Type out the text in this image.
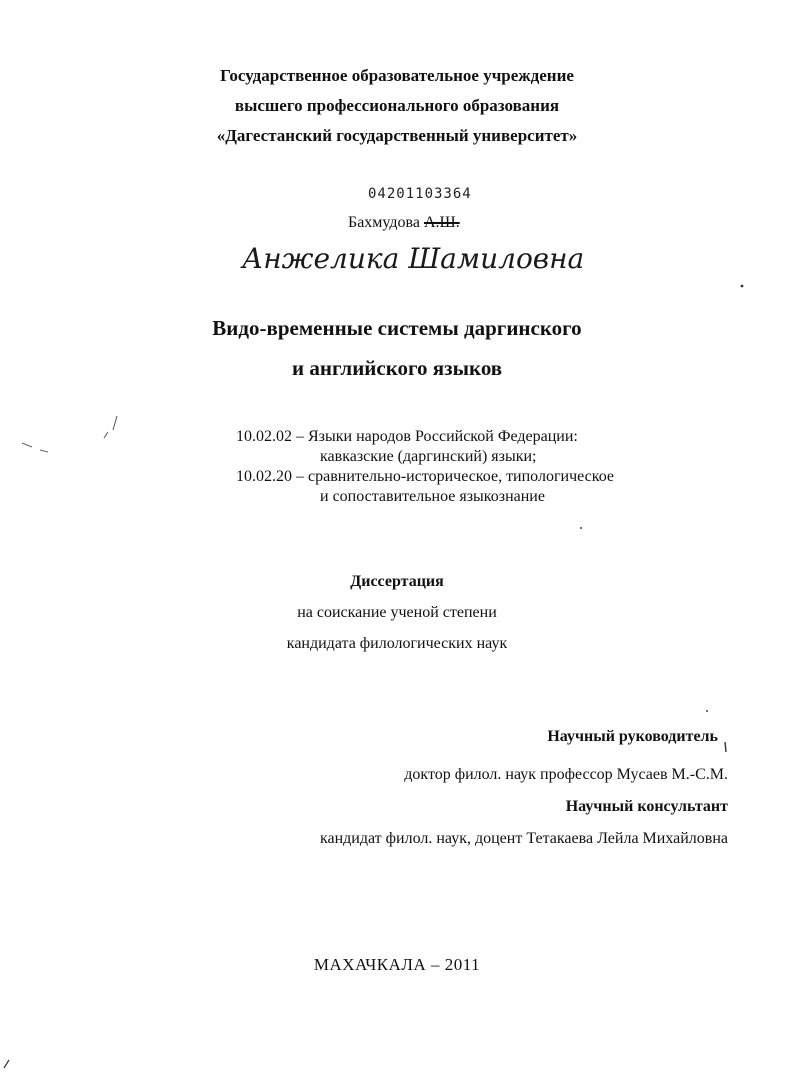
Государственное образовательное учреждение
высшего профессионального образования
«Дагестанский государственный университет»
04201103364
Бахмудова А.Ш.
Анжелика Шамиловна
Видо-временные системы даргинского
и английского языков
10.02.02 – Языки народов Российской Федерации:
кавказские (даргинский) языки;
10.02.20 – сравнительно-историческое, типологическое
и сопоставительное языкознание
Диссертация
на соискание ученой степени
кандидата филологических наук
Научный руководитель
доктор филол. наук профессор Мусаев М.-С.М.
Научный консультант
кандидат филол. наук, доцент Тетакаева Лейла Михайловна
МАХАЧКАЛА – 2011
